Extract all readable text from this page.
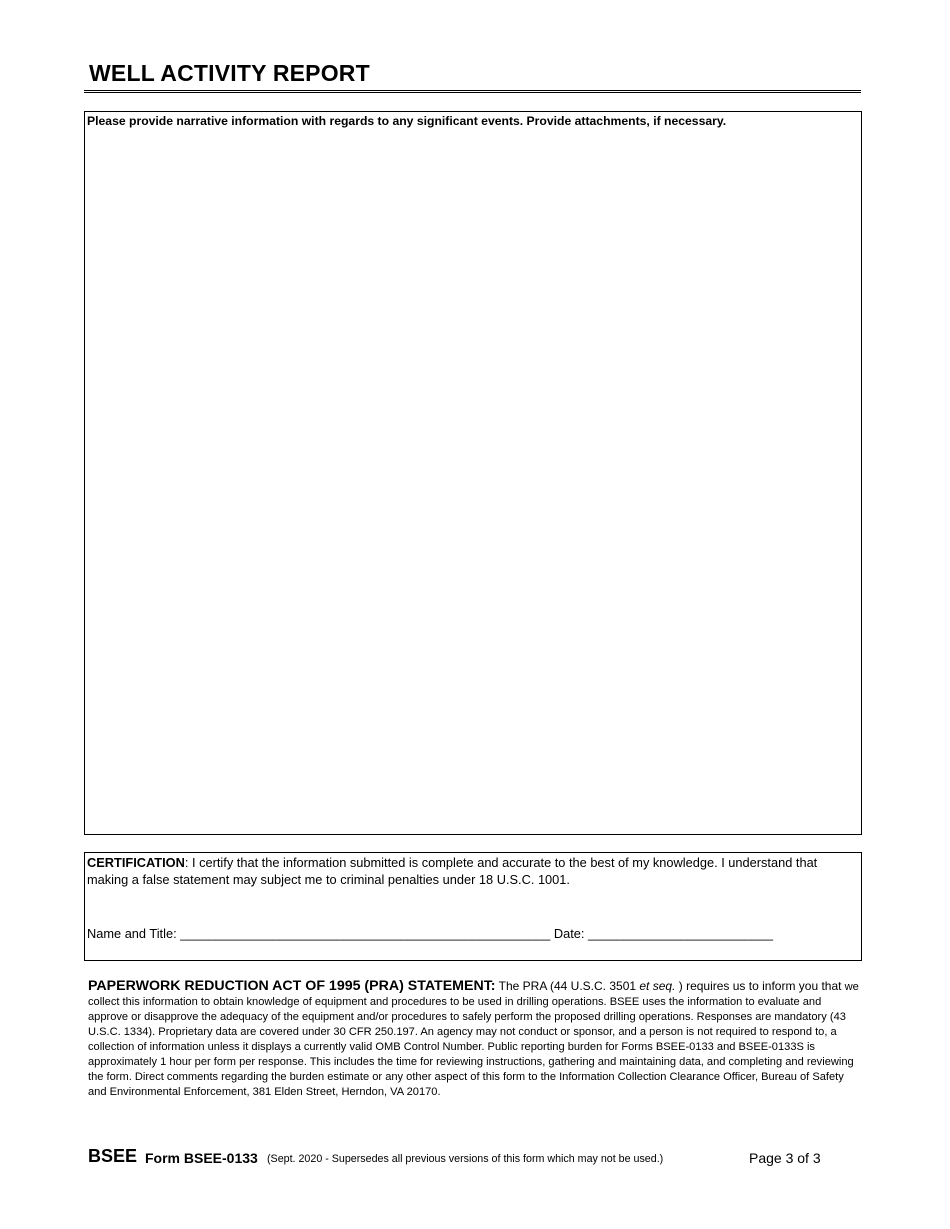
WELL ACTIVITY REPORT
Please provide narrative information with regards to any significant events. Provide attachments, if necessary.
CERTIFICATION: I certify that the information submitted is complete and accurate to the best of my knowledge. I understand that making a false statement may subject me to criminal penalties under 18 U.S.C. 1001.
Name and Title: ____________________________________________________ Date: __________________________
PAPERWORK REDUCTION ACT OF 1995 (PRA) STATEMENT: The PRA (44 U.S.C. 3501 et seq. ) requires us to inform you that we collect this information to obtain knowledge of equipment and procedures to be used in drilling operations. BSEE uses the information to evaluate and approve or disapprove the adequacy of the equipment and/or procedures to safely perform the proposed drilling operations. Responses are mandatory (43 U.S.C. 1334). Proprietary data are covered under 30 CFR 250.197. An agency may not conduct or sponsor, and a person is not required to respond to, a collection of information unless it displays a currently valid OMB Control Number. Public reporting burden for Forms BSEE-0133 and BSEE-0133S is approximately 1 hour per form per response. This includes the time for reviewing instructions, gathering and maintaining data, and completing and reviewing the form. Direct comments regarding the burden estimate or any other aspect of this form to the Information Collection Clearance Officer, Bureau of Safety and Environmental Enforcement, 381 Elden Street, Herndon, VA 20170.
BSEE Form BSEE-0133 (Sept. 2020 - Supersedes all previous versions of this form which may not be used.)	Page 3 of 3
